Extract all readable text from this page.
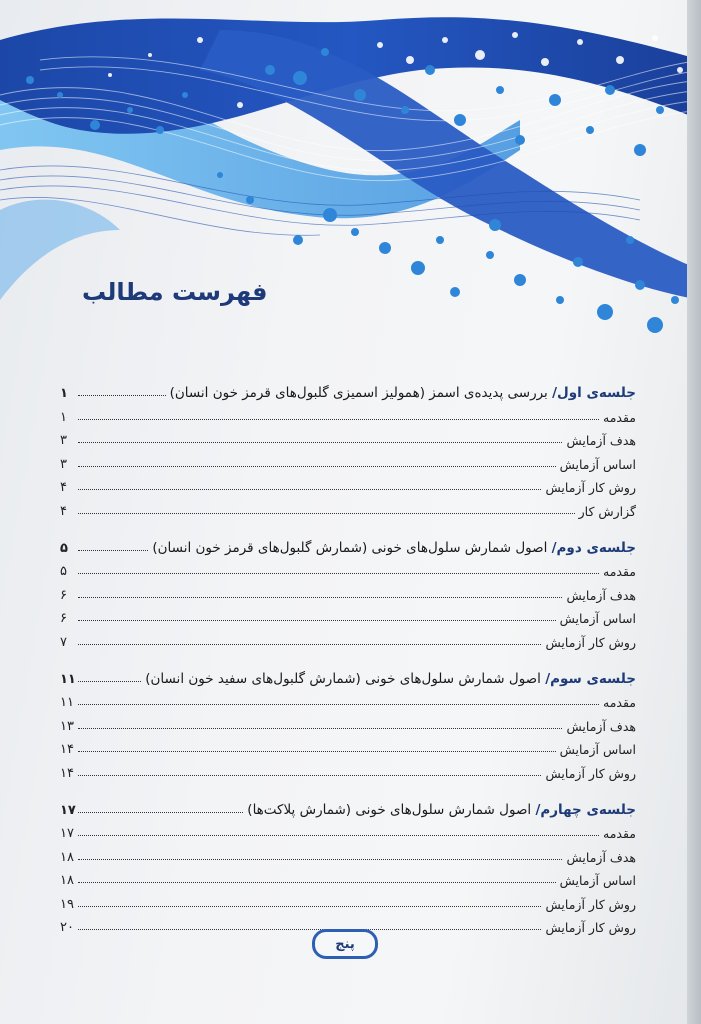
فهرست مطالب
جلسه‌ی اول/ بررسی پدیده‌ی اسمز (همولیز اسمیزی گلبول‌های قرمز خون انسان)
۱
مقدمه
۱
هدف آزمایش
۳
اساس آزمایش
۳
روش کار آزمایش
۴
گزارش کار
۴
جلسه‌ی دوم/ اصول شمارش سلول‌های خونی (شمارش گلبول‌های قرمز خون انسان)
۵
مقدمه
۵
هدف آزمایش
۶
اساس آزمایش
۶
روش کار آزمایش
۷
جلسه‌ی سوم/ اصول شمارش سلول‌های خونی (شمارش گلبول‌های سفید خون انسان)
۱۱
مقدمه
۱۱
هدف آزمایش
۱۳
اساس آزمایش
۱۴
روش کار آزمایش
۱۴
جلسه‌ی چهارم/ اصول شمارش سلول‌های خونی (شمارش پلاکت‌ها)
۱۷
مقدمه
۱۷
هدف آزمایش
۱۸
اساس آزمایش
۱۸
روش کار آزمایش
۱۹
روش کار آزمایش
۲۰
پنج
